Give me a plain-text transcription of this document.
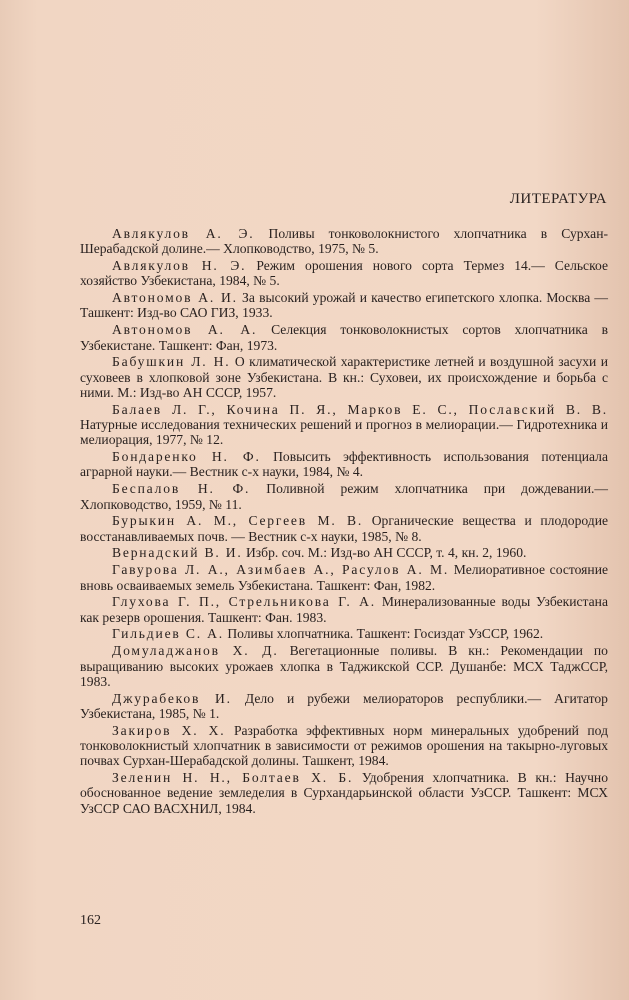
ЛИТЕРАТУРА

Авлякулов А. Э. Поливы тонковолокнистого хлопчатника в Сурхан-Шерабадской долине.— Хлопководство, 1975, № 5.

Авлякулов Н. Э. Режим орошения нового сорта Термез 14.— Сельское хозяйство Узбекистана, 1984, № 5.

Автономов А. И. За высокий урожай и качество египетского хлопка. Москва — Ташкент: Изд-во САО ГИЗ, 1933.

Автономов А. А. Селекция тонковолокнистых сортов хлопчатника в Узбекистане. Ташкент: Фан, 1973.

Бабушкин Л. Н. О климатической характеристике летней и воздушной засухи и суховеев в хлопковой зоне Узбекистана. В кн.: Суховеи, их происхождение и борьба с ними. М.: Изд-во АН СССР, 1957.

Балаев Л. Г., Кочина П. Я., Марков Е. С., Пославский В. В. Натурные исследования технических решений и прогноз в мелиорации.— Гидротехника и мелиорация, 1977, № 12.

Бондаренко Н. Ф. Повысить эффективность использования потенциала аграрной науки.— Вестник с-х науки, 1984, № 4.

Беспалов Н. Ф. Поливной режим хлопчатника при дождевании.— Хлопководство, 1959, № 11.

Бурыкин А. М., Сергеев М. В. Органические вещества и плодородие восстанавливаемых почв. — Вестник с-х науки, 1985, № 8.

Вернадский В. И. Избр. соч. М.: Изд-во АН СССР, т. 4, кн. 2, 1960.

Гавурова Л. А., Азимбаев А., Расулов А. М. Мелиоративное состояние вновь осваиваемых земель Узбекистана. Ташкент: Фан, 1982.

Глухова Г. П., Стрельникова Г. А. Минерализованные воды Узбекистана как резерв орошения. Ташкент: Фан. 1983.

Гильдиев С. А. Поливы хлопчатника. Ташкент: Госиздат УзССР, 1962.

Домуладжанов Х. Д. Вегетационные поливы. В кн.: Рекомендации по выращиванию высоких урожаев хлопка в Таджикской ССР. Душанбе: МСХ ТаджССР, 1983.

Джурабеков И. Дело и рубежи мелиораторов республики.— Агитатор Узбекистана, 1985, № 1.

Закиров Х. Х. Разработка эффективных норм минеральных удобрений под тонковолокнистый хлопчатник в зависимости от режимов орошения на такырно-луговых почвах Сурхан-Шерабадской долины. Ташкент, 1984.

Зеленин Н. Н., Болтаев Х. Б. Удобрения хлопчатника. В кн.: Научно обоснованное ведение земледелия в Сурхандарьинской области УзССР. Ташкент: МСХ УзССР САО ВАСХНИЛ, 1984.

162
